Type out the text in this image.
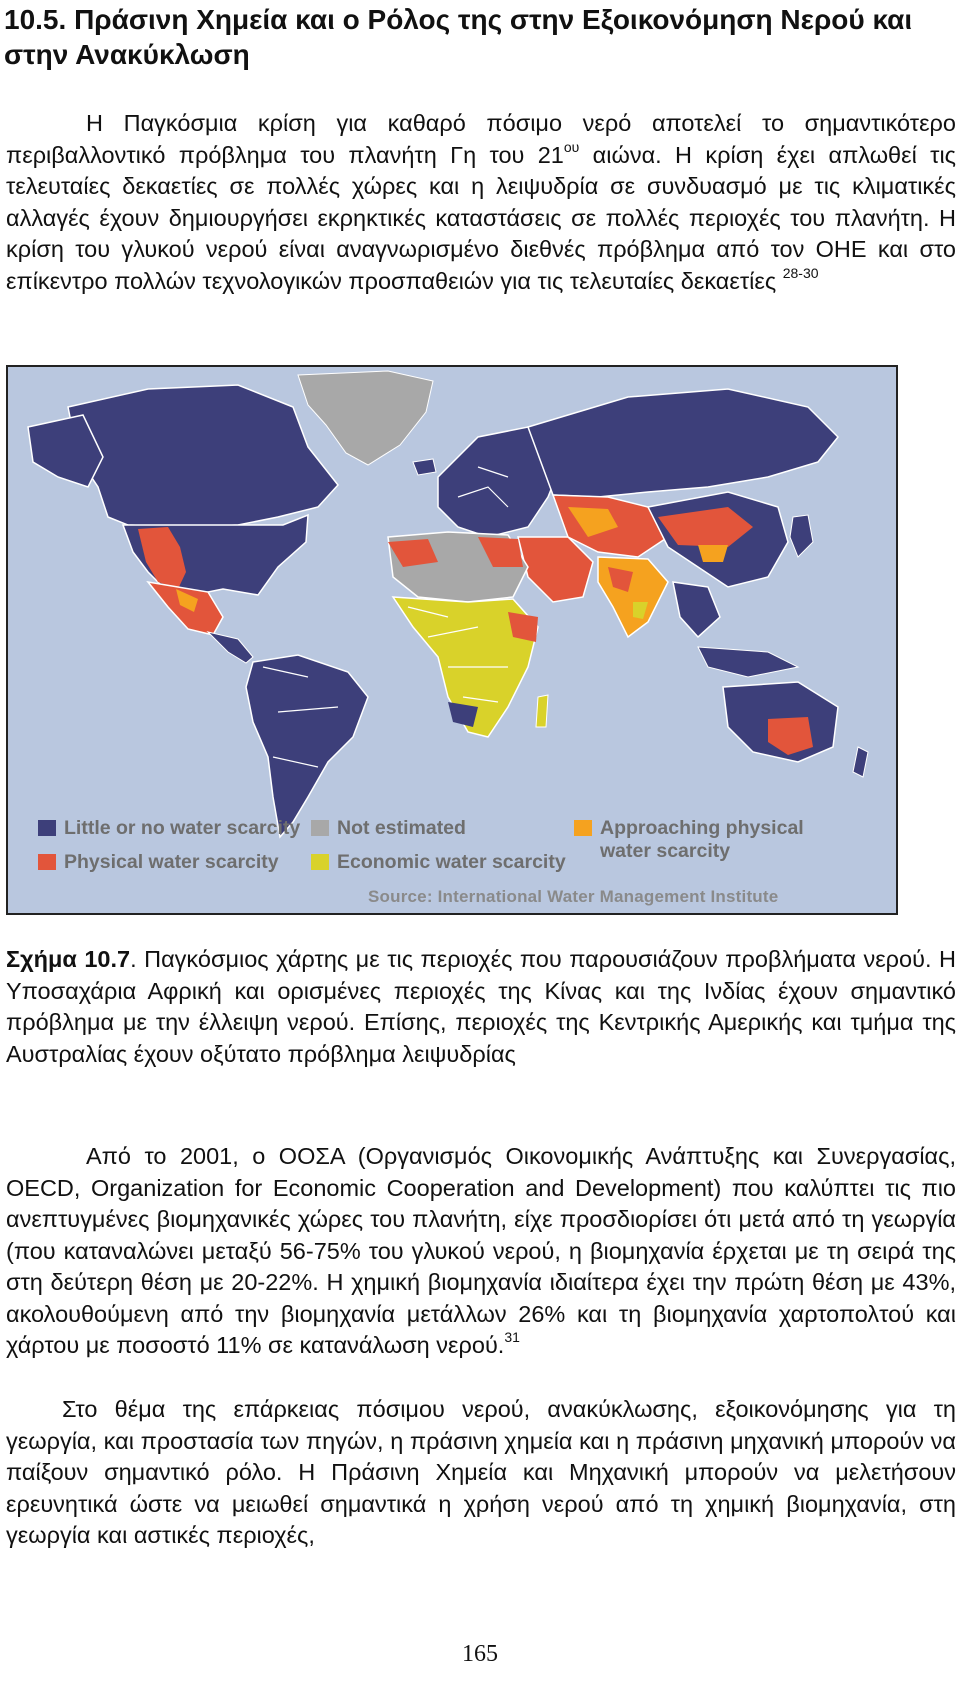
10.5. Πράσινη Χημεία και ο Ρόλος της στην Εξοικονόμηση Νερού και στην Ανακύκλωση

Η Παγκόσμια κρίση για καθαρό πόσιμο νερό αποτελεί το σημαντικότερο περιβαλλοντικό πρόβλημα του πλανήτη Γη του $21^{o\upsilon}$ αιώνα. Η κρίση έχει απλωθεί τις τελευταίες δεκαετίες σε πολλές χώρες και η λειψυδρία σε συνδυασμό με τις κλιματικές αλλαγές έχουν δημιουργήσει εκρηκτικές καταστάσεις σε πολλές περιοχές του πλανήτη. Η κρίση του γλυκού νερού είναι αναγνωρισμένο διεθνές πρόβλημα από τον ΟΗΕ και στο επίκεντρο πολλών τεχνολογικών προσπαθειών για τις τελευταίες δεκαετίες $^{28-30}$

Little or no water scarcity Not estimated	Approaching physical
water scarcity
Physical water scarcity	Economic water scarcity
Source: International Water Management Institute

Σχήμα 10.7. Παγκόσμιος χάρτης με τις περιοχές που παρουσιάζουν προβλήματα νερού. Η Υποσαχάρια Αφρική και ορισμένες περιοχές της Κίνας και της Ινδίας έχουν σημαντικό πρόβλημα με την έλλειψη νερού. Επίσης, περιοχές της Κεντρικής Αμερικής και τμήμα της Αυστραλίας έχουν οξύτατο πρόβλημα λειψυδρίας

Από το 2001, ο ΟΟΣΑ (Οργανισμός Οικονομικής Ανάπτυξης και Συνεργασίας, OECD, Organization for Economic Cooperation and Development) που καλύπτει τις πιο ανεπτυγμένες βιομηχανικές χώρες του πλανήτη, είχε προσδιορίσει ότι μετά από τη γεωργία (που καταναλώνει μεταξύ 56-75% του γλυκού νερού, η βιομηχανία έρχεται με τη σειρά της στη δεύτερη θέση με 20-22%. Η χημική βιομηχανία ιδιαίτερα έχει την πρώτη θέση με 43%, ακολουθούμενη από την βιομηχανία μετάλλων 26% και τη βιομηχανία χαρτοπολτού και χάρτου με ποσοστό 11% σε κατανάλωση νερού.$^{31}$

Στο θέμα της επάρκειας πόσιμου νερού, ανακύκλωσης, εξοικονόμησης για τη γεωργία, και προστασία των πηγών, η πράσινη χημεία και η πράσινη μηχανική μπορούν να παίξουν σημαντικό ρόλο. Η Πράσινη Χημεία και Μηχανική μπορούν να μελετήσουν ερευνητικά ώστε να μειωθεί σημαντικά η χρήση νερού από τη χημική βιομηχανία, στη γεωργία και αστικές περιοχές,

165
